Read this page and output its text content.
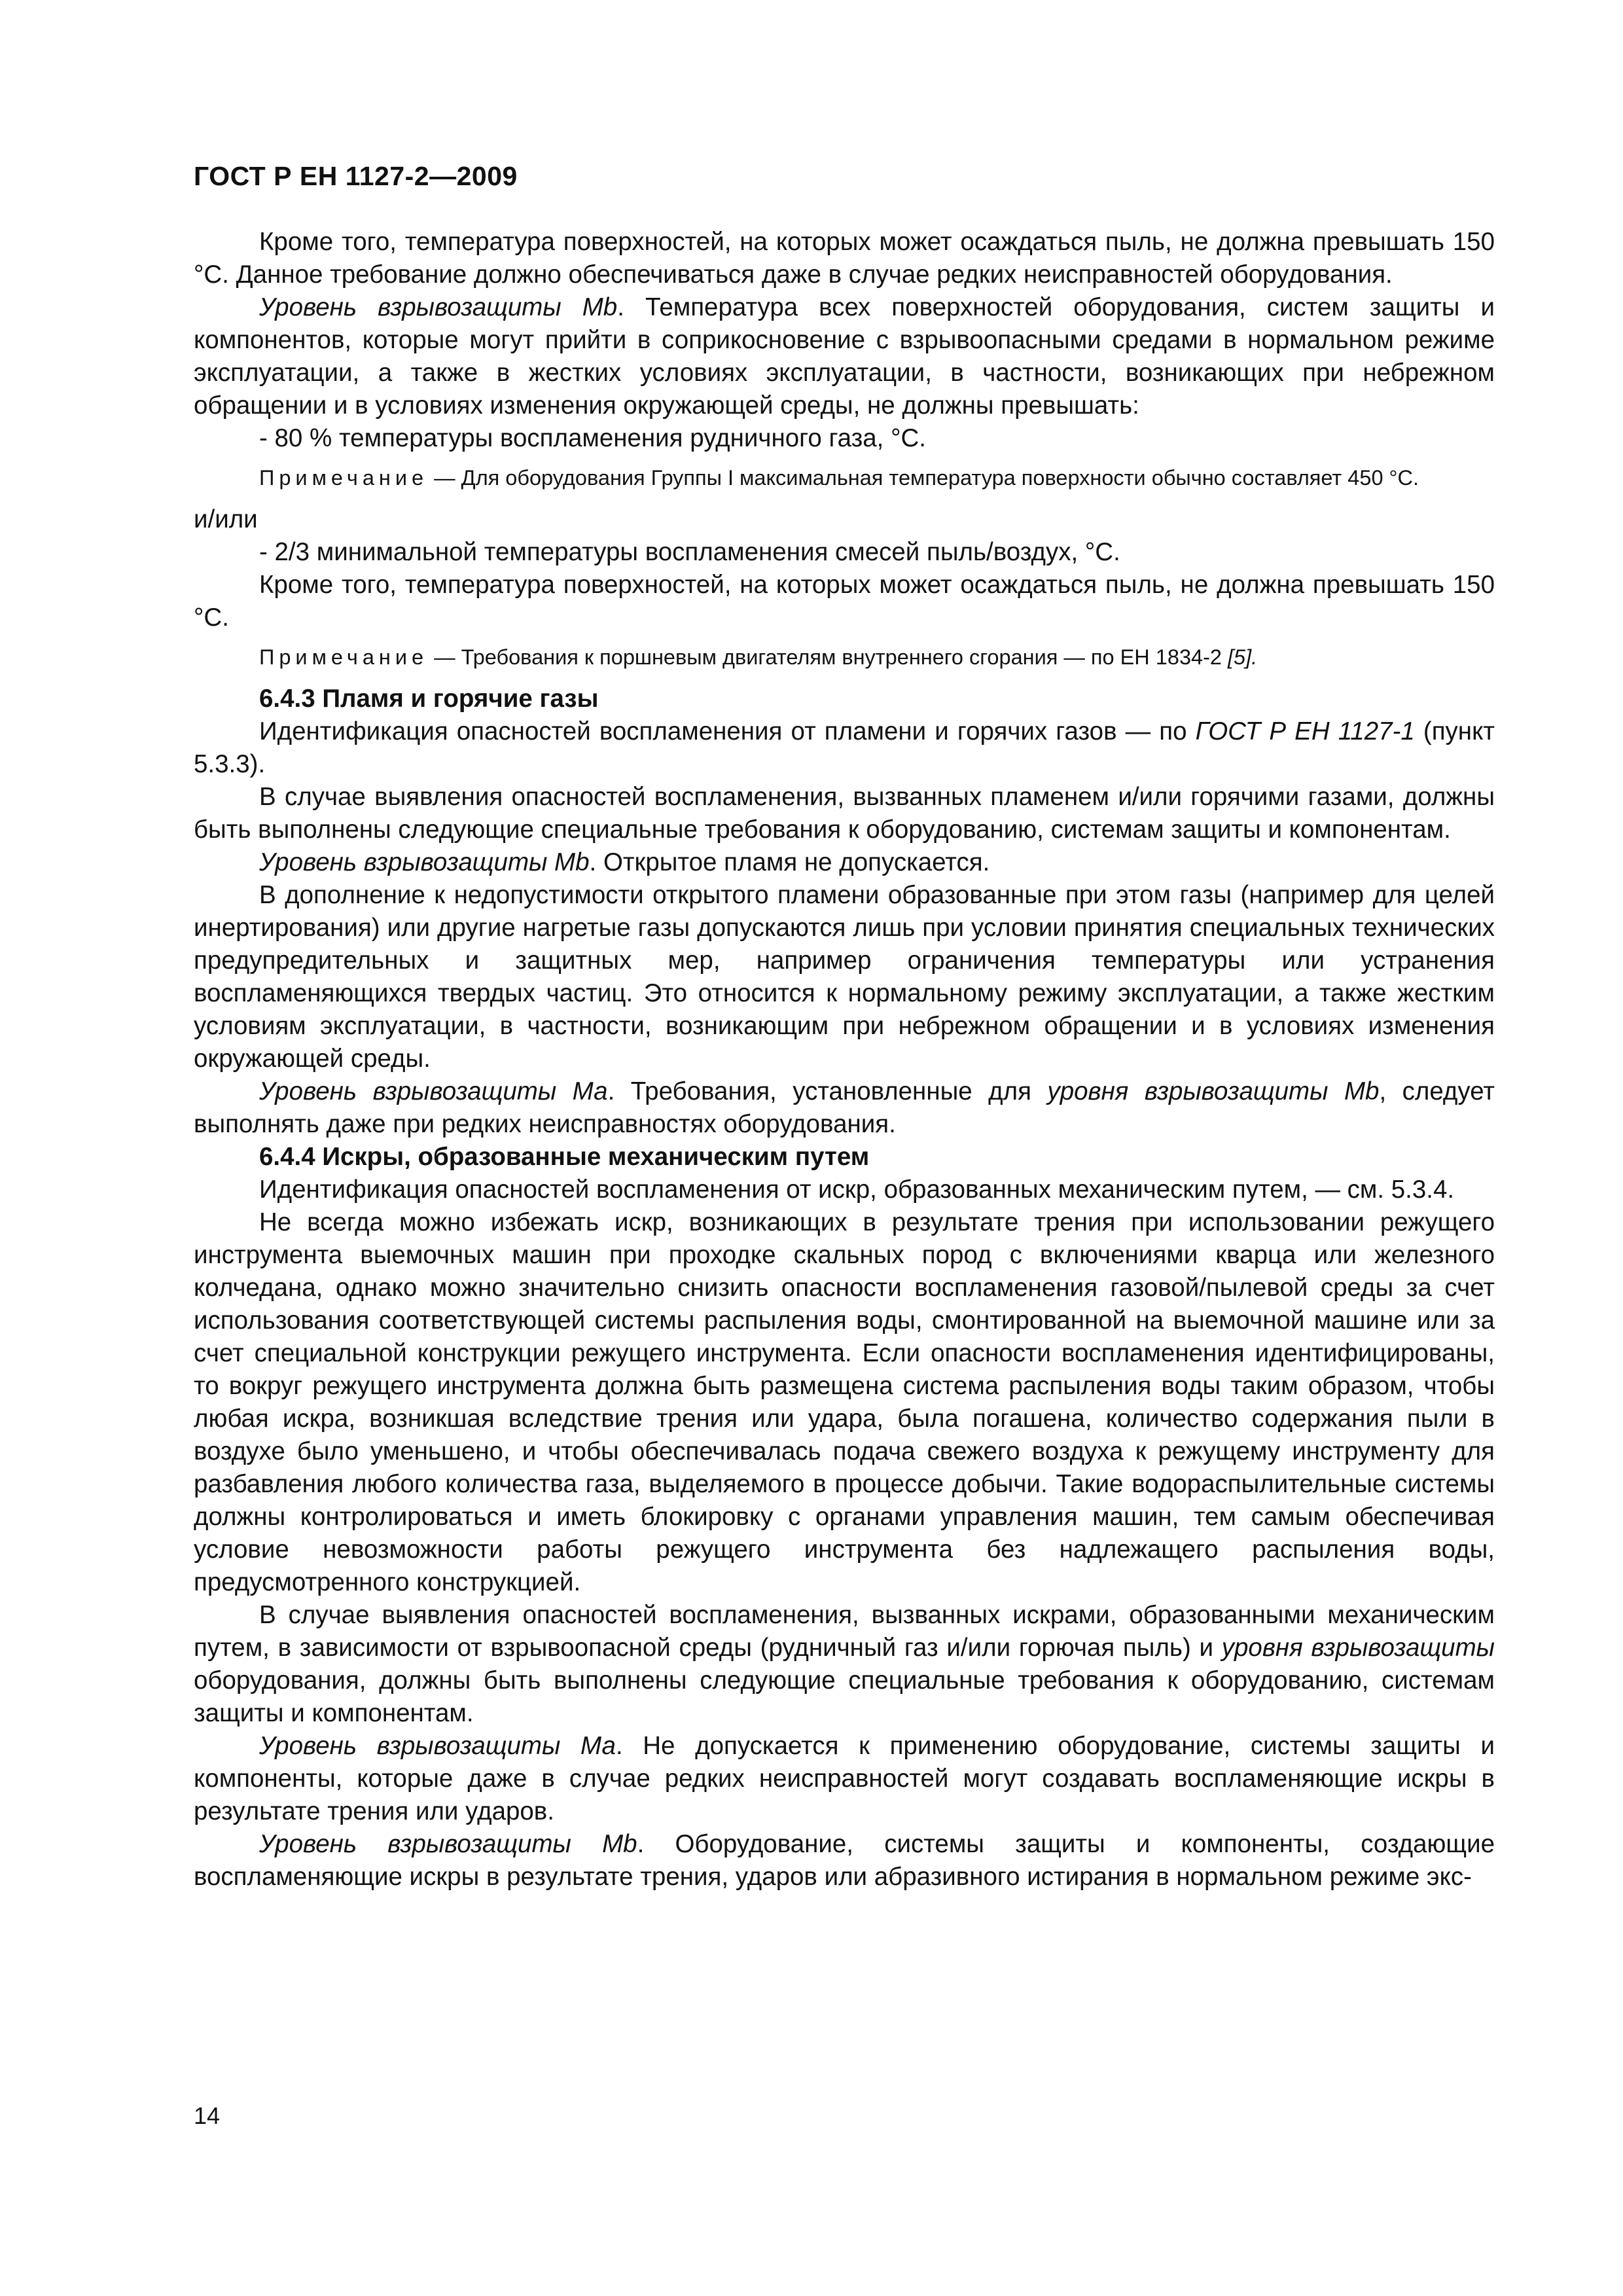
ГОСТ Р ЕН 1127-2—2009

Кроме того, температура поверхностей, на которых может осаждаться пыль, не должна превышать 150 °С. Данное требование должно обеспечиваться даже в случае редких неисправностей оборудования.

Уровень взрывозащиты Mb. Температура всех поверхностей оборудования, систем защиты и компонентов, которые могут прийти в соприкосновение с взрывоопасными средами в нормальном режиме эксплуатации, а также в жестких условиях эксплуатации, в частности, возникающих при небрежном обращении и в условиях изменения окружающей среды, не должны превышать:

- 80 % температуры воспламенения рудничного газа, °С.

Примечание — Для оборудования Группы I максимальная температура поверхности обычно составляет 450 °С.

и/или

- 2/3 минимальной температуры воспламенения смесей пыль/воздух, °С.

Кроме того, температура поверхностей, на которых может осаждаться пыль, не должна превышать 150 °С.

Примечание — Требования к поршневым двигателям внутреннего сгорания — по ЕН 1834-2 [5].

6.4.3 Пламя и горячие газы

Идентификация опасностей воспламенения от пламени и горячих газов — по ГОСТ Р ЕН 1127-1 (пункт 5.3.3).

В случае выявления опасностей воспламенения, вызванных пламенем и/или горячими газами, должны быть выполнены следующие специальные требования к оборудованию, системам защиты и компонентам.

Уровень взрывозащиты Mb. Открытое пламя не допускается.

В дополнение к недопустимости открытого пламени образованные при этом газы (например для целей инертирования) или другие нагретые газы допускаются лишь при условии принятия специальных технических предупредительных и защитных мер, например ограничения температуры или устранения воспламеняющихся твердых частиц. Это относится к нормальному режиму эксплуатации, а также жестким условиям эксплуатации, в частности, возникающим при небрежном обращении и в условиях изменения окружающей среды.

Уровень взрывозащиты Ма. Требования, установленные для уровня взрывозащиты Mb, следует выполнять даже при редких неисправностях оборудования.

6.4.4 Искры, образованные механическим путем

Идентификация опасностей воспламенения от искр, образованных механическим путем, — см. 5.3.4.

Не всегда можно избежать искр, возникающих в результате трения при использовании режущего инструмента выемочных машин при проходке скальных пород с включениями кварца или железного колчедана, однако можно значительно снизить опасности воспламенения газовой/пылевой среды за счет использования соответствующей системы распыления воды, смонтированной на выемочной машине или за счет специальной конструкции режущего инструмента. Если опасности воспламенения идентифицированы, то вокруг режущего инструмента должна быть размещена система распыления воды таким образом, чтобы любая искра, возникшая вследствие трения или удара, была погашена, количество содержания пыли в воздухе было уменьшено, и чтобы обеспечивалась подача свежего воздуха к режущему инструменту для разбавления любого количества газа, выделяемого в процессе добычи. Такие водораспылительные системы должны контролироваться и иметь блокировку с органами управления машин, тем самым обеспечивая условие невозможности работы режущего инструмента без надлежащего распыления воды, предусмотренного конструкцией.

В случае выявления опасностей воспламенения, вызванных искрами, образованными механическим путем, в зависимости от взрывоопасной среды (рудничный газ и/или горючая пыль) и уровня взрывозащиты оборудования, должны быть выполнены следующие специальные требования к оборудованию, системам защиты и компонентам.

Уровень взрывозащиты Ма. Не допускается к применению оборудование, системы защиты и компоненты, которые даже в случае редких неисправностей могут создавать воспламеняющие искры в результате трения или ударов.

Уровень взрывозащиты Mb. Оборудование, системы защиты и компоненты, создающие воспламеняющие искры в результате трения, ударов или абразивного истирания в нормальном режиме экс-

14
